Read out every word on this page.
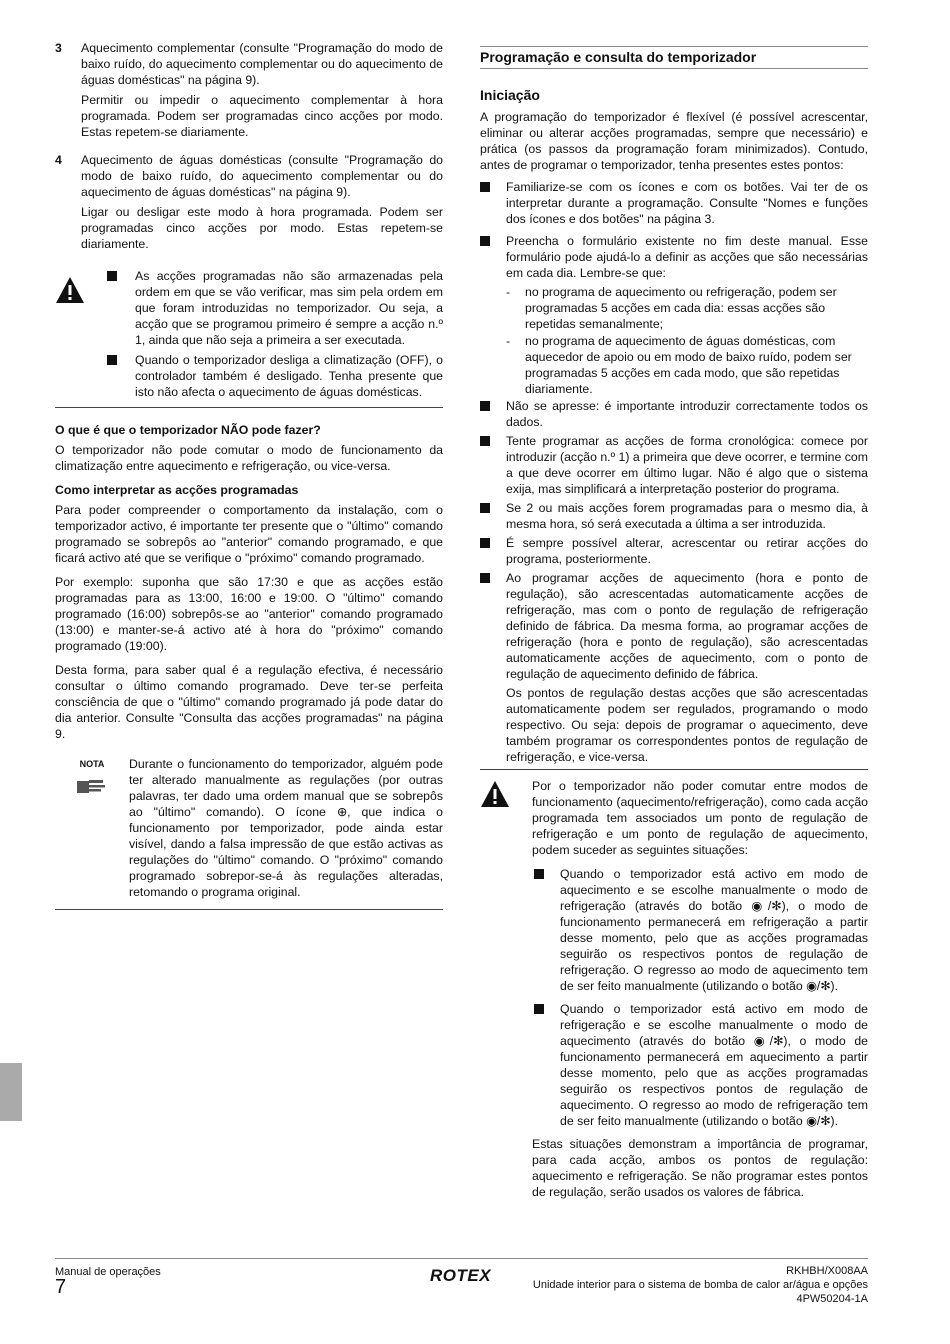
3	Aquecimento complementar (consulte "Programação do modo de baixo ruído, do aquecimento complementar ou do aquecimento de águas domésticas" na página 9).

Permitir ou impedir o aquecimento complementar à hora programada. Podem ser programadas cinco acções por modo. Estas repetem-se diariamente.

4	Aquecimento de águas domésticas (consulte "Programação do modo de baixo ruído, do aquecimento complementar ou do aquecimento de águas domésticas" na página 9).

Ligar ou desligar este modo à hora programada. Podem ser programadas cinco acções por modo. Estas repetem-se diariamente.

As acções programadas não são armazenadas pela ordem em que se vão verificar, mas sim pela ordem em que foram introduzidas no temporizador. Ou seja, a acção que se programou primeiro é sempre a acção n.º 1, ainda que não seja a primeira a ser executada.
Quando o temporizador desliga a climatização (OFF), o controlador também é desligado. Tenha presente que isto não afecta o aquecimento de águas domésticas.
O que é que o temporizador NÃO pode fazer?

O temporizador não pode comutar o modo de funcionamento da climatização entre aquecimento e refrigeração, ou vice-versa.

Como interpretar as acções programadas

Para poder compreender o comportamento da instalação, com o temporizador activo, é importante ter presente que o "último" comando programado se sobrepôs ao "anterior" comando programado, e que ficará activo até que se verifique o "próximo" comando programado.

Por exemplo: suponha que são 17:30 e que as acções estão programadas para as 13:00, 16:00 e 19:00. O "último" comando programado (16:00) sobrepôs-se ao "anterior" comando programado (13:00) e manter-se-á activo até à hora do "próximo" comando programado (19:00).

Desta forma, para saber qual é a regulação efectiva, é necessário consultar o último comando programado. Deve ter-se perfeita consciência de que o "último" comando programado já pode datar do dia anterior. Consulte "Consulta das acções programadas" na página 9.

NOTA	Durante o funcionamento do temporizador, alguém pode ter alterado manualmente as regulações (por outras palavras, ter dado uma ordem manual que se sobrepôs ao "último" comando). O ícone ⊕, que indica o funcionamento por temporizador, pode ainda estar visível, dando a falsa impressão de que estão activas as regulações do "último" comando. O "próximo" comando programado sobrepor-se-á às regulações alteradas, retomando o programa original.

Programação e consulta do temporizador
Iniciação

A programação do temporizador é flexível (é possível acrescentar, eliminar ou alterar acções programadas, sempre que necessário) e prática (os passos da programação foram minimizados). Contudo, antes de programar o temporizador, tenha presentes estes pontos:

Familiarize-se com os ícones e com os botões. Vai ter de os interpretar durante a programação. Consulte "Nomes e funções dos ícones e dos botões" na página 3.
Preencha o formulário existente no fim deste manual. Esse formulário pode ajudá-lo a definir as acções que são necessárias em cada dia. Lembre-se que:
-	no programa de aquecimento ou refrigeração, podem ser programadas 5 acções em cada dia: essas acções são repetidas semanalmente;
-	no programa de aquecimento de águas domésticas, com aquecedor de apoio ou em modo de baixo ruído, podem ser programadas 5 acções em cada modo, que são repetidas diariamente.
Não se apresse: é importante introduzir correctamente todos os dados.
Tente programar as acções de forma cronológica: comece por introduzir (acção n.º 1) a primeira que deve ocorrer, e termine com a que deve ocorrer em último lugar. Não é algo que o sistema exija, mas simplificará a interpretação posterior do programa.
Se 2 ou mais acções forem programadas para o mesmo dia, à mesma hora, só será executada a última a ser introduzida.
É sempre possível alterar, acrescentar ou retirar acções do programa, posteriormente.
Ao programar acções de aquecimento (hora e ponto de regulação), são acrescentadas automaticamente acções de refrigeração, mas com o ponto de regulação de refrigeração definido de fábrica. Da mesma forma, ao programar acções de refrigeração (hora e ponto de regulação), são acrescentadas automaticamente acções de aquecimento, com o ponto de regulação de aquecimento definido de fábrica.

Os pontos de regulação destas acções que são acrescentadas automaticamente podem ser regulados, programando o modo respectivo. Ou seja: depois de programar o aquecimento, deve também programar os correspondentes pontos de regulação de refrigeração, e vice-versa.

Por o temporizador não poder comutar entre modos de funcionamento (aquecimento/refrigeração), como cada acção programada tem associados um ponto de regulação de refrigeração e um ponto de regulação de aquecimento, podem suceder as seguintes situações:

Quando o temporizador está activo em modo de aquecimento e se escolhe manualmente o modo de refrigeração (através do botão ◉/✻), o modo de funcionamento permanecerá em refrigeração a partir desse momento, pelo que as acções programadas seguirão os respectivos pontos de regulação de refrigeração. O regresso ao modo de aquecimento tem de ser feito manualmente (utilizando o botão ◉/✻).
Quando o temporizador está activo em modo de refrigeração e se escolhe manualmente o modo de aquecimento (através do botão ◉/✻), o modo de funcionamento permanecerá em aquecimento a partir desse momento, pelo que as acções programadas seguirão os respectivos pontos de regulação de aquecimento. O regresso ao modo de refrigeração tem de ser feito manualmente (utilizando o botão ◉/✻).

Estas situações demonstram a importância de programar, para cada acção, ambos os pontos de regulação: aquecimento e refrigeração. Se não programar estes pontos de regulação, serão usados os valores de fábrica.

Manual de operações
7
ROTEX	RKHBH/X008AA
Unidade interior para o sistema de bomba de calor ar/água e opções
4PW50204-1A
